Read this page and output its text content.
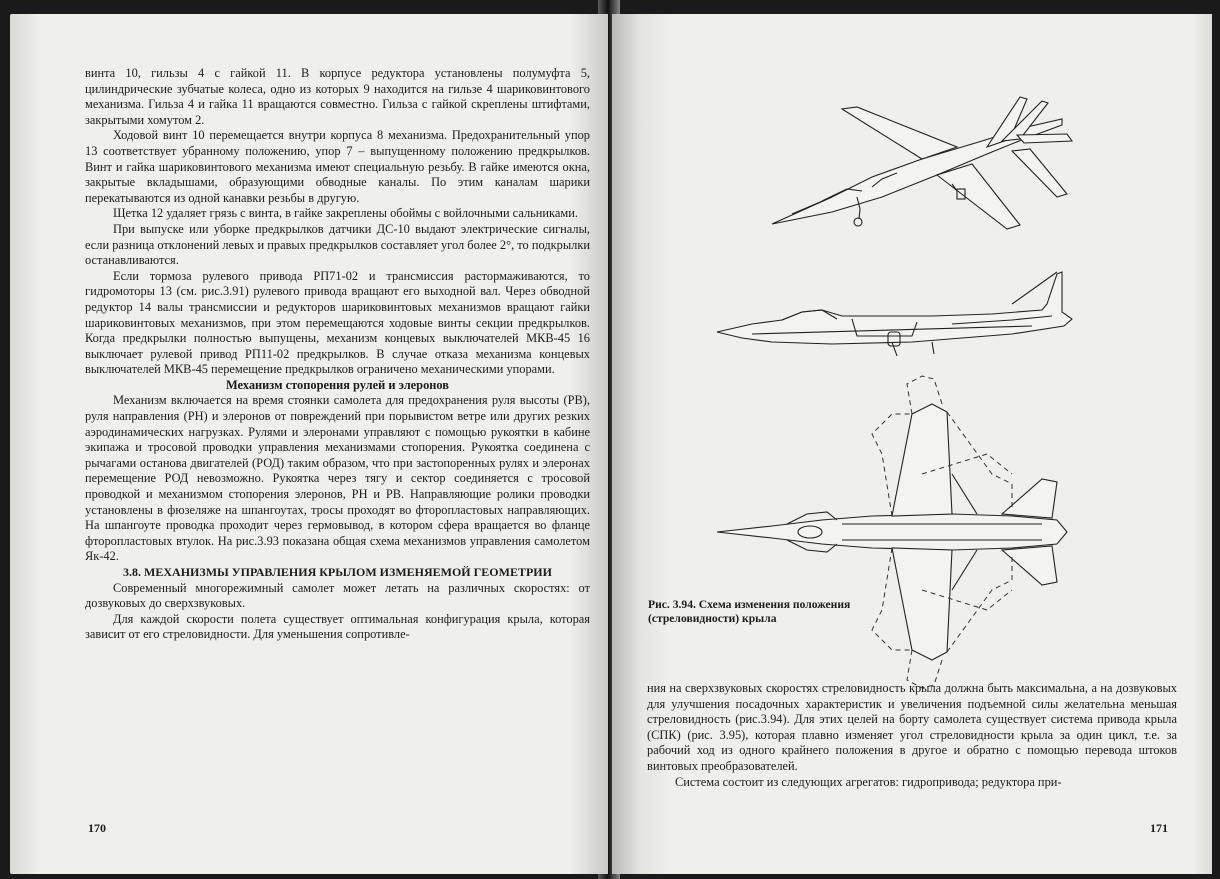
винта 10, гильзы 4 с гайкой 11. В корпусе редуктора установлены полумуфта 5, цилиндрические зубчатые колеса, одно из которых 9 находится на гильзе 4 шариковинтового механизма. Гильза 4 и гайка 11 вращаются совместно. Гильза с гайкой скреплены штифтами, закрытыми хомутом 2.

Ходовой винт 10 перемещается внутри корпуса 8 механизма. Предохранительный упор 13 соответствует убранному положению, упор 7 – выпущенному положению предкрылков. Винт и гайка шариковинтового механизма имеют специальную резьбу. В гайке имеются окна, закрытые вкладышами, образующими обводные каналы. По этим каналам шарики перекатываются из одной канавки резьбы в другую.

Щетка 12 удаляет грязь с винта, в гайке закреплены обоймы с войлочными сальниками.

При выпуске или уборке предкрылков датчики ДС-10 выдают электрические сигналы, если разница отклонений левых и правых предкрылков составляет угол более 2°, то подкрылки останавливаются.

Если тормоза рулевого привода РП71-02 и трансмиссия растормаживаются, то гидромоторы 13 (см. рис.3.91) рулевого привода вращают его выходной вал. Через обводной редуктор 14 валы трансмиссии и редукторов шариковинтовых механизмов вращают гайки шариковинтовых механизмов, при этом перемещаются ходовые винты секции предкрылков. Когда предкрылки полностью выпущены, механизм концевых выключателей МКВ-45 16 выключает рулевой привод РП11-02 предкрылков. В случае отказа механизма концевых выключателей МКВ-45 перемещение предкрылков ограничено механическими упорами.

Механизм стопорения рулей и элеронов

Механизм включается на время стоянки самолета для предохранения руля высоты (РВ), руля направления (РН) и элеронов от повреждений при порывистом ветре или других резких аэродинамических нагрузках. Рулями и элеронами управляют с помощью рукоятки в кабине экипажа и тросовой проводки управления механизмами стопорения. Рукоятка соединена с рычагами останова двигателей (РОД) таким образом, что при застопоренных рулях и элеронах перемещение РОД невозможно. Рукоятка через тягу и сектор соединяется с тросовой проводкой и механизмом стопорения элеронов, РН и РВ. Направляющие ролики проводки установлены в фюзеляже на шпангоутах, тросы проходят во фторопластовых направляющих. На шпангоуте проводка проходит через гермовывод, в котором сфера вращается во фланце фторопластовых втулок. На рис.3.93 показана общая схема механизмов управления самолетом Як-42.

3.8. МЕХАНИЗМЫ УПРАВЛЕНИЯ КРЫЛОМ ИЗМЕНЯЕМОЙ ГЕОМЕТРИИ

Современный многорежимный самолет может летать на различных скоростях: от дозвуковых до сверхзвуковых.

Для каждой скорости полета существует оптимальная конфигурация крыла, которая зависит от его стреловидности. Для уменьшения сопротивле-

170
Рис. 3.94. Схема изменения положения (стреловидности) крыла

ния на сверхзвуковых скоростях стреловидность крыла должна быть максимальна, а на дозвуковых для улучшения посадочных характеристик и увеличения подъемной силы желательна меньшая стреловидность (рис.3.94). Для этих целей на борту самолета существует система привода крыла (СПК) (рис. 3.95), которая плавно изменяет угол стреловидности крыла за один цикл, т.е. за рабочий ход из одного крайнего положения в другое и обратно с помощью перевода штоков винтовых преобразователей.

Система состоит из следующих агрегатов: гидропривода; редуктора при-

171
